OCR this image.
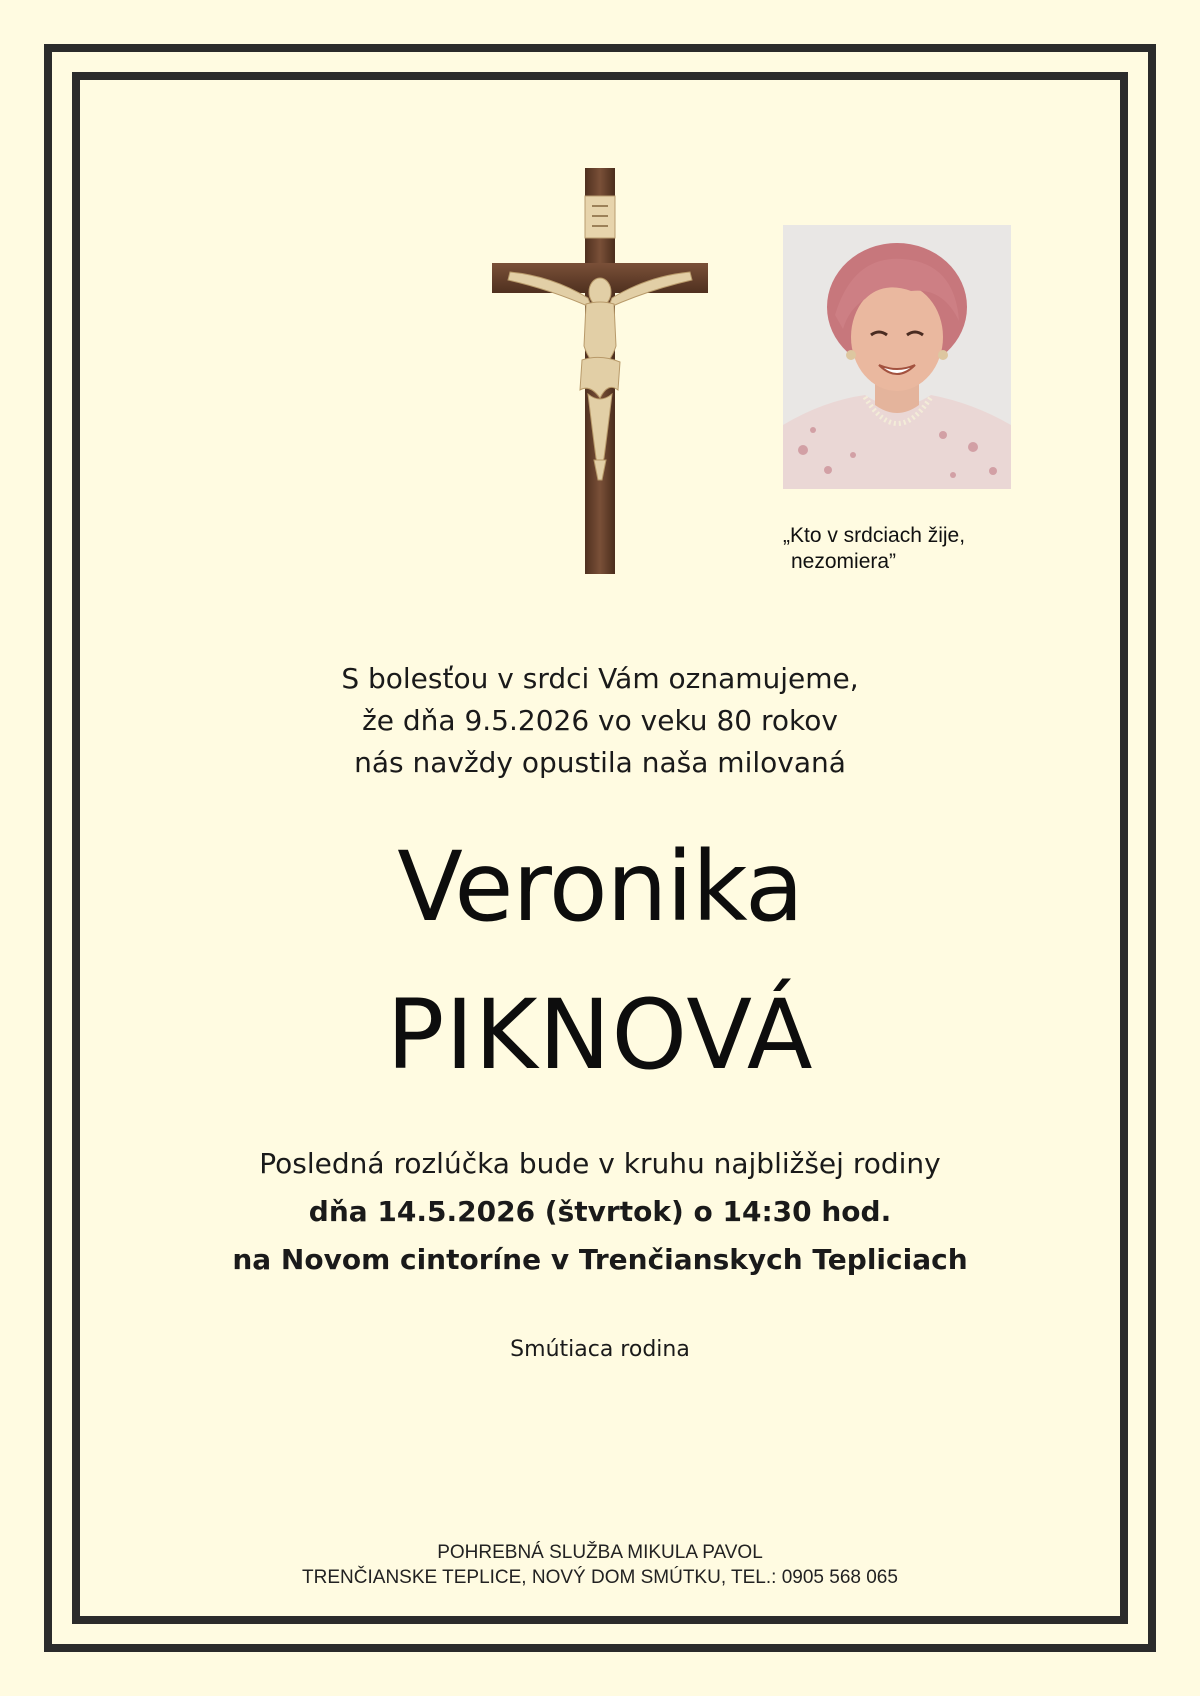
„Kto v srdciach žije,
nezomiera”
S bolesťou v srdci Vám oznamujeme,
že dňa 9.5.2026 vo veku 80 rokov
nás navždy opustila naša milovaná
Veronika
PIKNOVÁ
Posledná rozlúčka bude v kruhu najbližšej rodiny
dňa 14.5.2026 (štvrtok) o 14:30 hod.
na Novom cintoríne v Trenčianskych Tepliciach
Smútiaca rodina
POHREBNÁ SLUŽBA MIKULA PAVOL
TRENČIANSKE TEPLICE, NOVÝ DOM SMÚTKU, TEL.: 0905 568 065
